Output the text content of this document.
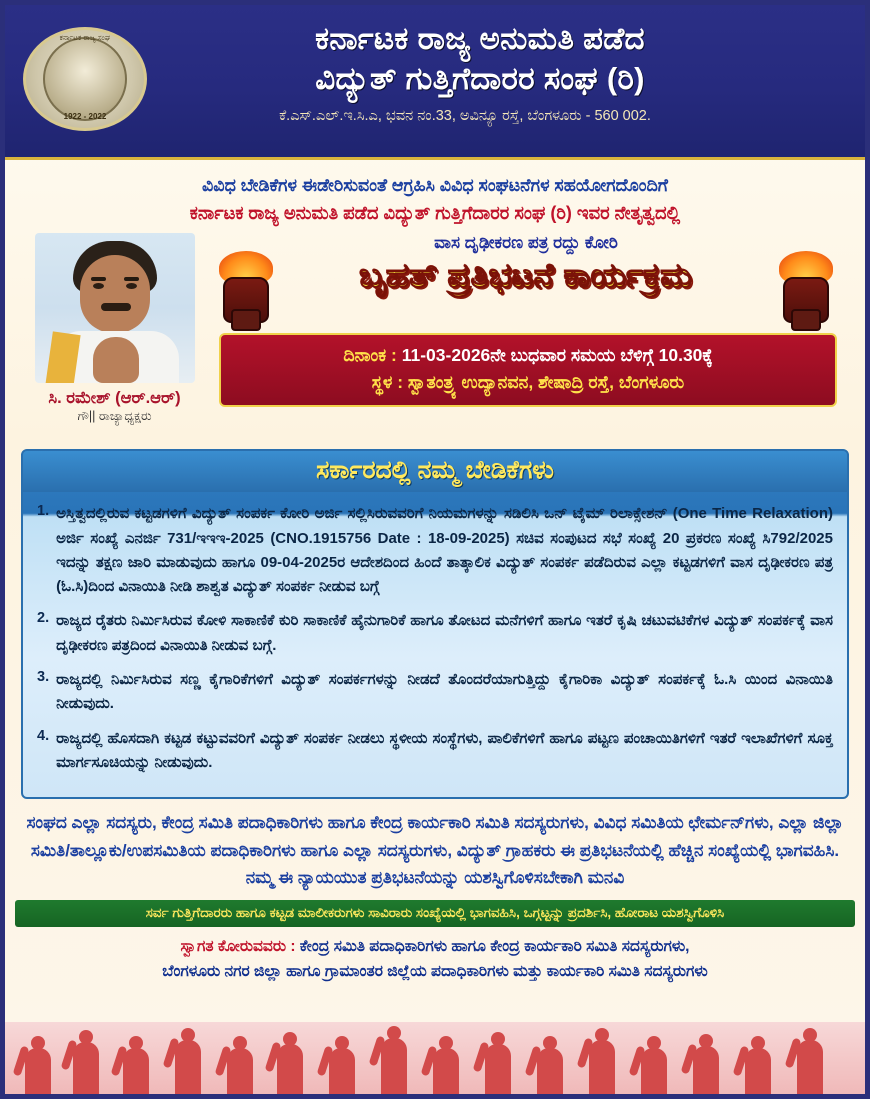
ಕರ್ನಾಟಕ ರಾಜ್ಯ ಸಂಘ
1922 - 2022
ಕರ್ನಾಟಕ ರಾಜ್ಯ ಅನುಮತಿ ಪಡೆದ
ವಿದ್ಯುತ್ ಗುತ್ತಿಗೆದಾರರ ಸಂಘ (ರಿ)
ಕೆ.ಎಸ್.ಎಲ್.ಇ.ಸಿ.ಎ, ಭವನ ನಂ.33, ಅವಿನ್ಯೂ ರಸ್ತೆ, ಬೆಂಗಳೂರು - 560 002.
ವಿವಿಧ ಬೇಡಿಕೆಗಳ ಈಡೇರಿಸುವಂತೆ ಆಗ್ರಹಿಸಿ ವಿವಿಧ ಸಂಘಟನೆಗಳ ಸಹಯೋಗದೊಂದಿಗೆ
ಕರ್ನಾಟಕ ರಾಜ್ಯ ಅನುಮತಿ ಪಡೆದ ವಿದ್ಯುತ್ ಗುತ್ತಿಗೆದಾರರ ಸಂಘ (ರಿ) ಇವರ ನೇತೃತ್ವದಲ್ಲಿ
ಸಿ. ರಮೇಶ್ (ಆರ್.ಆರ್)
ಗೌ|| ರಾಜ್ಯಾಧ್ಯಕ್ಷರು
ವಾಸ ದೃಢೀಕರಣ ಪತ್ರ ರದ್ದು ಕೋರಿ
ಬೃಹತ್ ಪ್ರತಿಭಟನೆ ಕಾರ್ಯಕ್ರಮ
ದಿನಾಂಕ : 11-03-2026ನೇ ಬುಧವಾರ ಸಮಯ ಬೆಳಿಗ್ಗೆ 10.30ಕ್ಕೆ
ಸ್ಥಳ : ಸ್ವಾತಂತ್ರ್ಯ ಉದ್ಯಾನವನ, ಶೇಷಾದ್ರಿ ರಸ್ತೆ, ಬೆಂಗಳೂರು
ಸರ್ಕಾರದಲ್ಲಿ ನಮ್ಮ ಬೇಡಿಕೆಗಳು
1. ಅಸ್ತಿತ್ವದಲ್ಲಿರುವ ಕಟ್ಟಡಗಳಿಗೆ ವಿದ್ಯುತ್ ಸಂಪರ್ಕ ಕೋರಿ ಅರ್ಜಿ ಸಲ್ಲಿಸಿರುವವರಿಗೆ ನಿಯಮಗಳನ್ನು ಸಡಿಲಿಸಿ ಒನ್ ಟೈಮ್ ರಿಲಾಕ್ಸೇಶನ್ (One Time Relaxation) ಅರ್ಜಿ ಸಂಖ್ಯೆ ಎನರ್ಜಿ 731/ಇಇಇ-2025 (CNO.1915756 Date : 18-09-2025) ಸಚಿವ ಸಂಪುಟದ ಸಭೆ ಸಂಖ್ಯೆ 20 ಪ್ರಕರಣ ಸಂಖ್ಯೆ ಸಿ792/2025 ಇದನ್ನು ತಕ್ಷಣ ಜಾರಿ ಮಾಡುವುದು ಹಾಗೂ 09-04-2025ರ ಆದೇಶದಿಂದ ಹಿಂದೆ ತಾತ್ಕಾಲಿಕ ವಿದ್ಯುತ್ ಸಂಪರ್ಕ ಪಡೆದಿರುವ ಎಲ್ಲಾ ಕಟ್ಟಡಗಳಿಗೆ ವಾಸ ದೃಢೀಕರಣ ಪತ್ರ (ಓ.ಸಿ)ದಿಂದ ವಿನಾಯಿತಿ ನೀಡಿ ಶಾಶ್ವತ ವಿದ್ಯುತ್ ಸಂಪರ್ಕ ನೀಡುವ ಬಗ್ಗೆ
2. ರಾಜ್ಯದ ರೈತರು ನಿರ್ಮಿಸಿರುವ ಕೋಳಿ ಸಾಕಾಣಿಕೆ ಕುರಿ ಸಾಕಾಣಿಕೆ ಹೈನುಗಾರಿಕೆ ಹಾಗೂ ತೋಟದ ಮನೆಗಳಿಗೆ ಹಾಗೂ ಇತರೆ ಕೃಷಿ ಚಟುವಟಿಕೆಗಳ ವಿದ್ಯುತ್ ಸಂಪರ್ಕಕ್ಕೆ ವಾಸ ದೃಢೀಕರಣ ಪತ್ರದಿಂದ ವಿನಾಯಿತಿ ನೀಡುವ ಬಗ್ಗೆ.
3. ರಾಜ್ಯದಲ್ಲಿ ನಿರ್ಮಿಸಿರುವ ಸಣ್ಣ ಕೈಗಾರಿಕೆಗಳಿಗೆ ವಿದ್ಯುತ್ ಸಂಪರ್ಕಗಳನ್ನು ನೀಡದೆ ತೊಂದರೆಯಾಗುತ್ತಿದ್ದು ಕೈಗಾರಿಕಾ ವಿದ್ಯುತ್ ಸಂಪರ್ಕಕ್ಕೆ ಓ.ಸಿ ಯಿಂದ ವಿನಾಯಿತಿ ನೀಡುವುದು.
4. ರಾಜ್ಯದಲ್ಲಿ ಹೊಸದಾಗಿ ಕಟ್ಟಡ ಕಟ್ಟುವವರಿಗೆ ವಿದ್ಯುತ್ ಸಂಪರ್ಕ ನೀಡಲು ಸ್ಥಳೀಯ ಸಂಸ್ಥೆಗಳು, ಪಾಲಿಕೆಗಳಿಗೆ ಹಾಗೂ ಪಟ್ಟಣ ಪಂಚಾಯಿತಿಗಳಿಗೆ ಇತರೆ ಇಲಾಖೆಗಳಿಗೆ ಸೂಕ್ತ ಮಾರ್ಗಸೂಚಿಯನ್ನು ನೀಡುವುದು.
ಸಂಘದ ಎಲ್ಲಾ ಸದಸ್ಯರು, ಕೇಂದ್ರ ಸಮಿತಿ ಪದಾಧಿಕಾರಿಗಳು ಹಾಗೂ ಕೇಂದ್ರ ಕಾರ್ಯಕಾರಿ ಸಮಿತಿ ಸದಸ್ಯರುಗಳು, ವಿವಿಧ ಸಮಿತಿಯ ಛೇರ್ಮನ್‌ಗಳು, ಎಲ್ಲಾ ಜಿಲ್ಲಾ ಸಮಿತಿ/ತಾಲ್ಲೂಕು/ಉಪಸಮಿತಿಯ ಪದಾಧಿಕಾರಿಗಳು ಹಾಗೂ ಎಲ್ಲಾ ಸದಸ್ಯರುಗಳು, ವಿದ್ಯುತ್ ಗ್ರಾಹಕರು ಈ ಪ್ರತಿಭಟನೆಯಲ್ಲಿ ಹೆಚ್ಚಿನ ಸಂಖ್ಯೆಯಲ್ಲಿ ಭಾಗವಹಿಸಿ. ನಮ್ಮ ಈ ನ್ಯಾಯಯುತ ಪ್ರತಿಭಟನೆಯನ್ನು ಯಶಸ್ವಿಗೊಳಿಸಬೇಕಾಗಿ ಮನವಿ
ಸರ್ವ ಗುತ್ತಿಗೆದಾರರು ಹಾಗೂ ಕಟ್ಟಡ ಮಾಲೀಕರುಗಳು ಸಾವಿರಾರು ಸಂಖ್ಯೆಯಲ್ಲಿ ಭಾಗವಹಿಸಿ, ಒಗ್ಗಟ್ಟನ್ನು ಪ್ರದರ್ಶಿಸಿ, ಹೋರಾಟ ಯಶಸ್ವಿಗೊಳಿಸಿ
ಸ್ವಾಗತ ಕೋರುವವರು : ಕೇಂದ್ರ ಸಮಿತಿ ಪದಾಧಿಕಾರಿಗಳು ಹಾಗೂ ಕೇಂದ್ರ ಕಾರ್ಯಕಾರಿ ಸಮಿತಿ ಸದಸ್ಯರುಗಳು,
ಬೆಂಗಳೂರು ನಗರ ಜಿಲ್ಲಾ ಹಾಗೂ ಗ್ರಾಮಾಂತರ ಜಿಲ್ಲೆಯ ಪದಾಧಿಕಾರಿಗಳು ಮತ್ತು ಕಾರ್ಯಕಾರಿ ಸಮಿತಿ ಸದಸ್ಯರುಗಳು
